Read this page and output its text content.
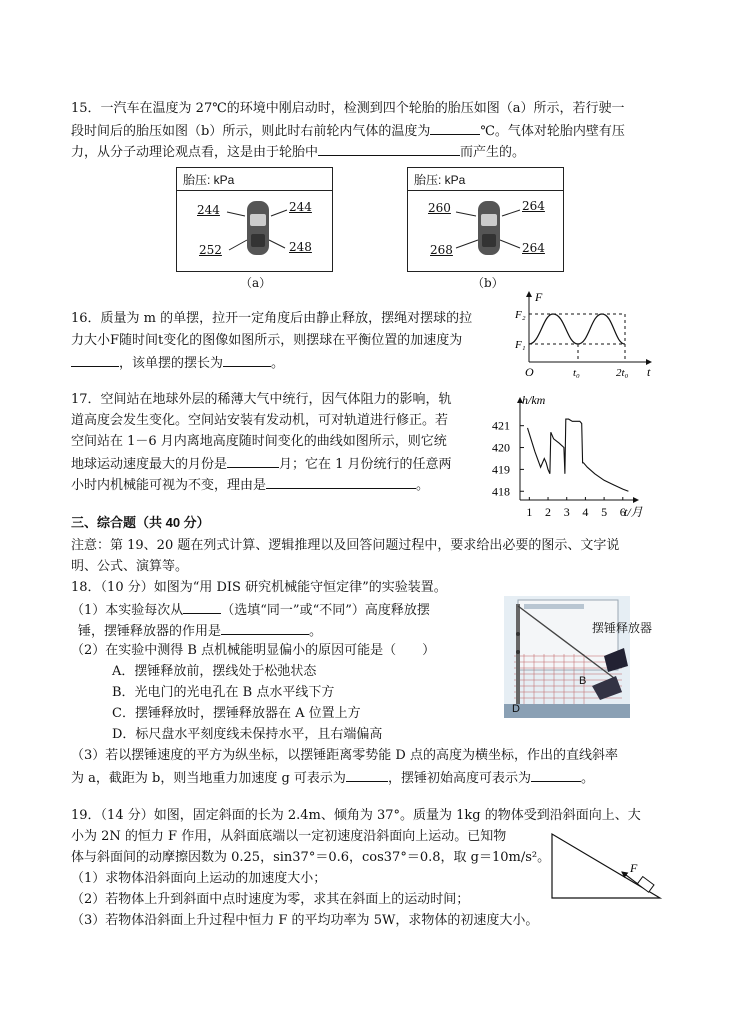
15．一汽车在温度为 27℃的环境中刚启动时，检测到四个轮胎的胎压如图（a）所示，若行驶一
段时间后的胎压如图（b）所示，则此时右前轮内气体的温度为	℃。气体对轮胎内壁有压
力，从分子动理论观点看，这是由于轮胎中	而产生的。
胎压: kPa
244	244
252	248
（a）
胎压: kPa
260	264
268	264
（b）
16．质量为 m 的单摆，拉开一定角度后由静止释放，摆绳对摆球的拉
力大小F随时间t变化的图像如图所示，则摆球在平衡位置的加速度为
，该单摆的摆长为	。
F
F₂
F₁
O	t₀	2t₀ t
17．空间站在地球外层的稀薄大气中统行，因气体阻力的影响，轨
道高度会发生变化。空间站安装有发动机，可对轨道进行修正。若
空间站在 1－6 月内离地高度随时间变化的曲线如图所示，则它统
地球运动速度最大的月份是	月；它在 1 月份统行的任意两
小时内机械能可视为不变，理由是	。
h/km
t/月
418
419
420
421
1 2 3 4 5 6
三、综合题（共 40 分）
注意：第 19、20 题在列式计算、逻辑推理以及回答问题过程中，要求给出必要的图示、文字说
明、公式、演算等。
18．（10 分）如图为“用 DIS 研究机械能守恒定律”的实验装置。
（1）本实验每次从	（选填“同一”或“不同”）高度释放摆
锤，摆锤释放器的作用是	。
（2）在实验中测得 B 点机械能明显偏小的原因可能是（　　）
A．摆锤释放前，摆线处于松弛状态
B．光电门的光电孔在 B 点水平线下方
C．摆锤释放时，摆锤释放器在 A 位置上方
D．标尺盘水平刻度线未保持水平，且右端偏高
（3）若以摆锤速度的平方为纵坐标，以摆锤距离零势能 D 点的高度为横坐标，作出的直线斜率
为 a，截距为 b，则当地重力加速度 g 可表示为	，摆锤初始高度可表示为	。
B
D
摆锤释放器
19．（14 分）如图，固定斜面的长为 2.4m、倾角为 37°。质量为 1kg 的物体受到沿斜面向上、大
小为 2N 的恒力 F 作用，从斜面底端以一定初速度沿斜面向上运动。已知物
体与斜面间的动摩擦因数为 0.25，sin37°＝0.6，cos37°＝0.8，取 g＝10m/s²。
（1）求物体沿斜面向上运动的加速度大小；
（2）若物体上升到斜面中点时速度为零，求其在斜面上的运动时间；
（3）若物体沿斜面上升过程中恒力 F 的平均功率为 5W，求物体的初速度大小。
F
